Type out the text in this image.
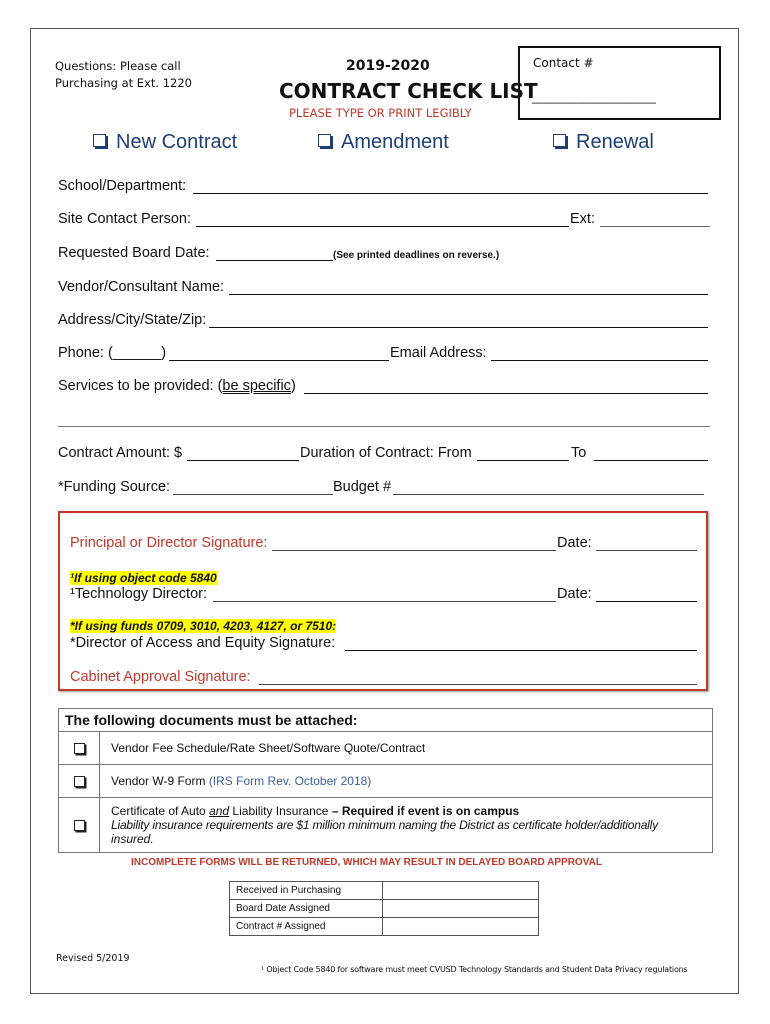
Questions: Please call
Purchasing at Ext. 1220
2019-2020
CONTRACT CHECK LIST
PLEASE TYPE OR PRINT LEGIBLY
Contact #
____________________
New Contract	Amendment	Renewal
School/Department:
Site Contact Person:	Ext:
Requested Board Date:	(See printed deadlines on reverse.)
Vendor/Consultant Name:
Address/City/State/Zip:
Phone: (______)	Email Address:
Services to be provided: (be specific)
Contract Amount: $	Duration of Contract: From	To
*Funding Source:	Budget #
Principal or Director Signature:	Date:
¹If using object code 5840
¹Technology Director:	Date:
*If using funds 0709, 3010, 4203, 4127, or 7510:
*Director of Access and Equity Signature:
Cabinet Approval Signature:
The following documents must be attached:	
	Vendor Fee Schedule/Rate Sheet/Software Quote/Contract
	Vendor W-9 Form (IRS Form Rev. October 2018)

	Certificate of Auto and Liability Insurance – Required if event is on campus
Liability insurance requirements are $1 million minimum naming the District as certificate holder/additionally
insured.
INCOMPLETE FORMS WILL BE RETURNED, WHICH MAY RESULT IN DELAYED BOARD APPROVAL
Received in Purchasing	
Board Date Assigned	
Contract # Assigned	
Revised 5/2019
¹ Object Code 5840 for software must meet CVUSD Technology Standards and Student Data Privacy regulations
